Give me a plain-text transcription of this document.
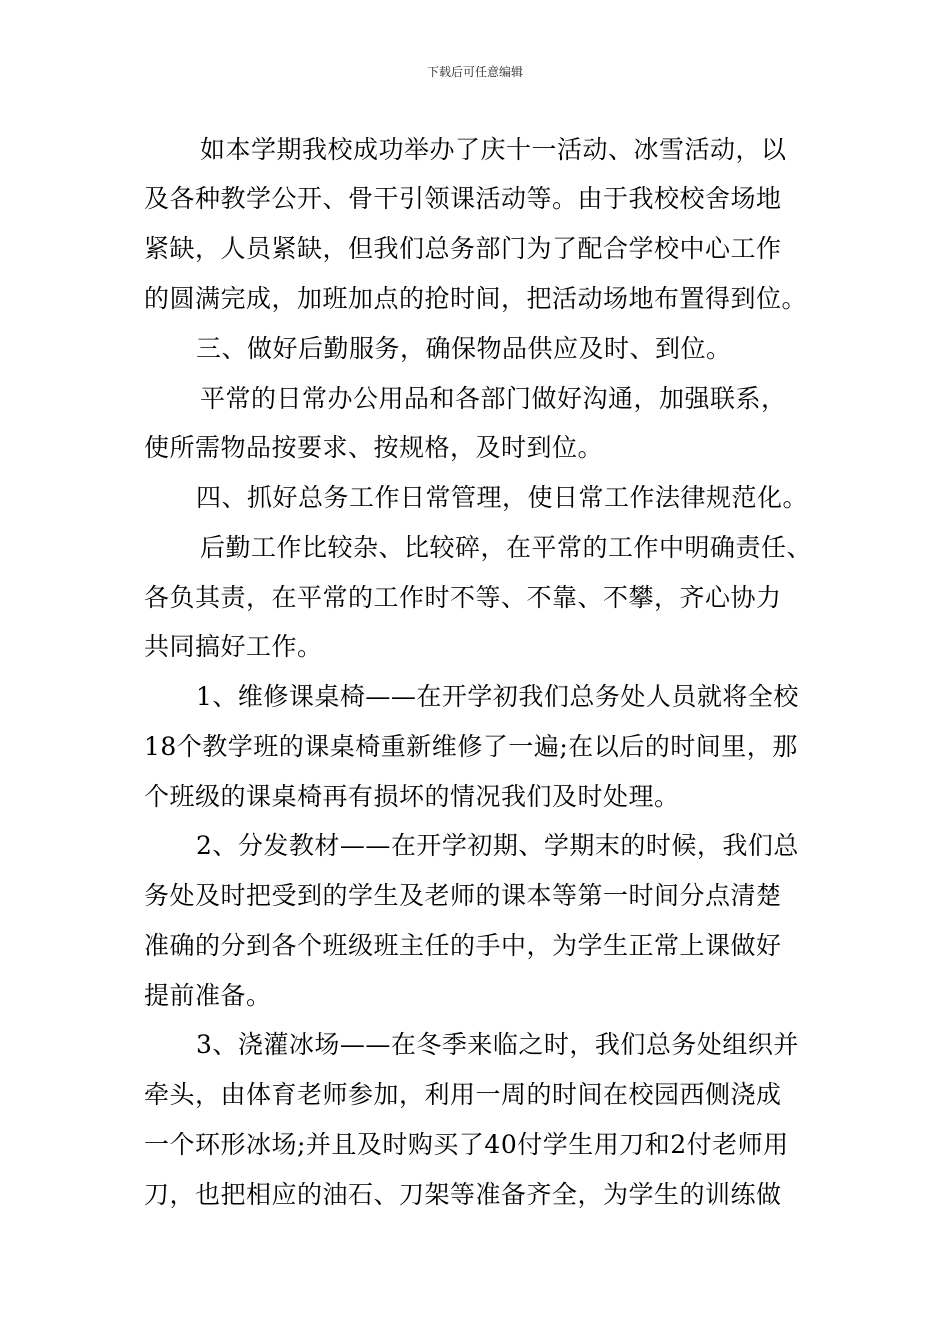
下载后可任意编辑
如本学期我校成功举办了庆十一活动、冰雪活动，以
及各种教学公开、骨干引领课活动等。由于我校校舍场地
紧缺，人员紧缺，但我们总务部门为了配合学校中心工作
的圆满完成，加班加点的抢时间，把活动场地布置得到位。
三、做好后勤服务，确保物品供应及时、到位。
平常的日常办公用品和各部门做好沟通，加强联系，
使所需物品按要求、按规格，及时到位。
四、抓好总务工作日常管理，使日常工作法律规范化。
后勤工作比较杂、比较碎，在平常的工作中明确责任、
各负其责，在平常的工作时不等、不靠、不攀，齐心协力
共同搞好工作。
1、维修课桌椅——在开学初我们总务处人员就将全校
18个教学班的课桌椅重新维修了一遍;在以后的时间里，那
个班级的课桌椅再有损坏的情况我们及时处理。
2、分发教材——在开学初期、学期末的时候，我们总
务处及时把受到的学生及老师的课本等第一时间分点清楚
准确的分到各个班级班主任的手中，为学生正常上课做好
提前准备。
3、浇灌冰场——在冬季来临之时，我们总务处组织并
牵头，由体育老师参加，利用一周的时间在校园西侧浇成
一个环形冰场;并且及时购买了40付学生用刀和2付老师用
刀，也把相应的油石、刀架等准备齐全，为学生的训练做
